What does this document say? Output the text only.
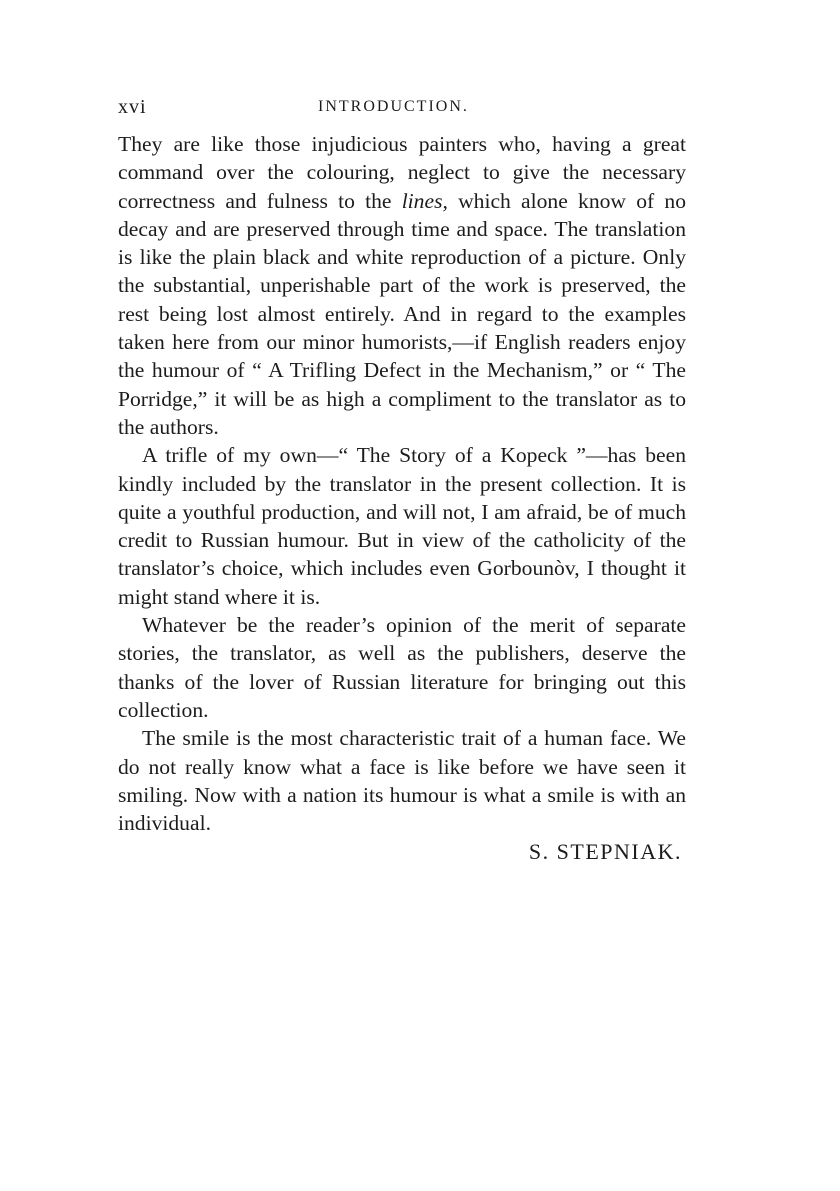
xvi	INTRODUCTION.

They are like those injudicious painters who, having a great command over the colouring, neglect to give the necessary correctness and fulness to the lines, which alone know of no decay and are preserved through time and space. The translation is like the plain black and white reproduction of a picture. Only the substantial, unperishable part of the work is preserved, the rest being lost almost entirely. And in regard to the examples taken here from our minor humorists,—if English readers enjoy the humour of “ A Trifling Defect in the Mechanism,” or “ The Porridge,” it will be as high a compliment to the translator as to the authors.

A trifle of my own—“ The Story of a Kopeck ”—has been kindly included by the translator in the present collection. It is quite a youthful production, and will not, I am afraid, be of much credit to Russian humour. But in view of the catholicity of the translator’s choice, which includes even Gorbounòv, I thought it might stand where it is.

Whatever be the reader’s opinion of the merit of separate stories, the translator, as well as the publishers, deserve the thanks of the lover of Russian literature for bringing out this collection.

The smile is the most characteristic trait of a human face. We do not really know what a face is like before we have seen it smiling. Now with a nation its humour is what a smile is with an individual.

S. STEPNIAK.
